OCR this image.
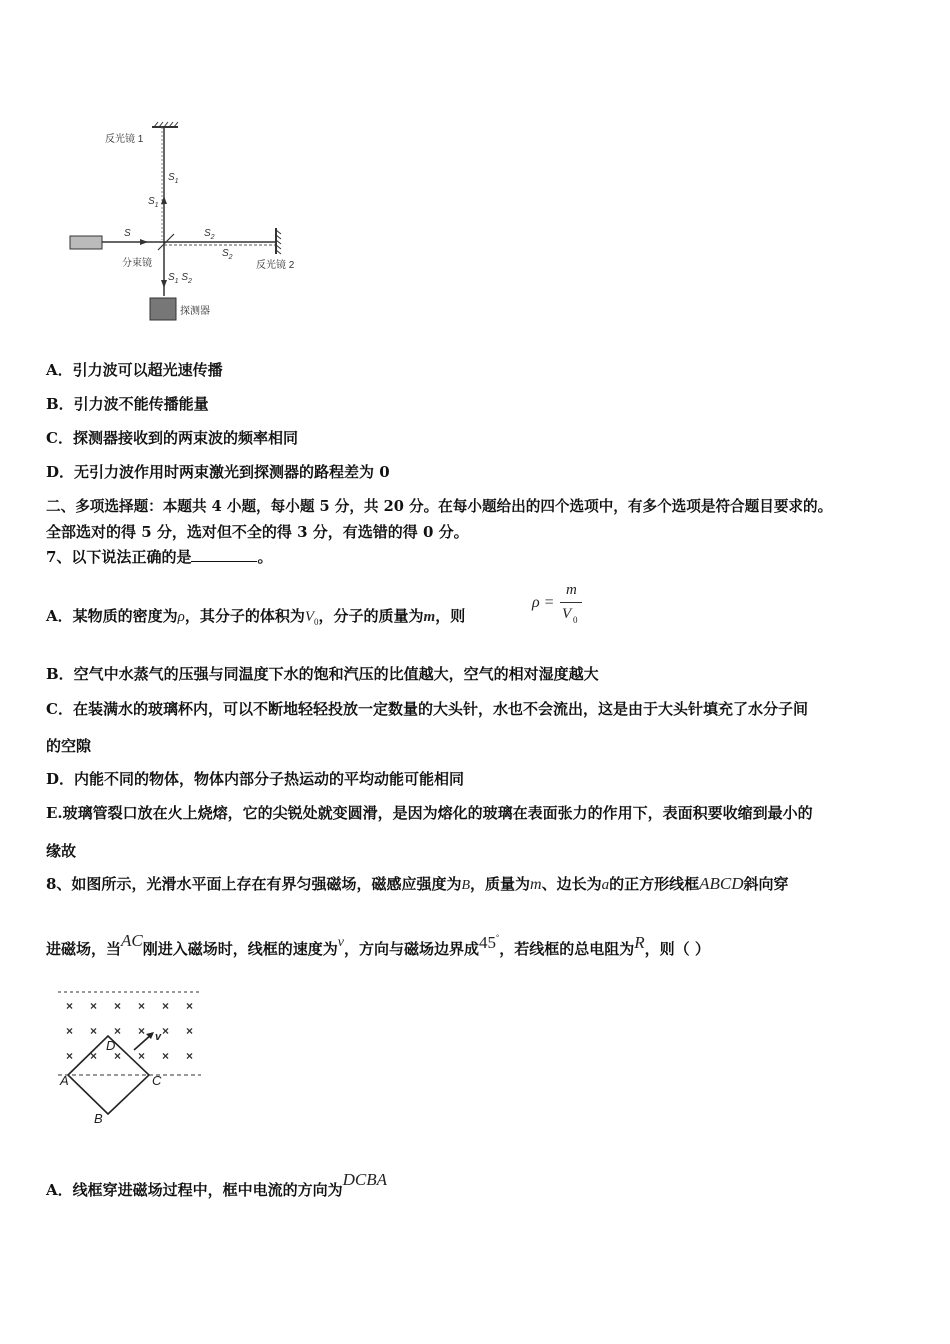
反光镜 1
$S_1$
$S_1$
S
分束镜
$S_2$
$S_2$
反光镜 2
$S_1$ $S_2$
探测器
A．引力波可以超光速传播
B．引力波不能传播能量
C．探测器接收到的两束波的频率相同
D．无引力波作用时两束激光到探测器的路程差为 0
二、多项选择题：本题共 4 小题，每小题 5 分，共 20 分。在每小题给出的四个选项中，有多个选项是符合题目要求的。
全部选对的得 5 分，选对但不全的得 3 分，有选错的得 0 分。
7、以下说法正确的是	。
A．某物质的密度为ρ，其分子的体积为$V_0$，分子的质量为m，则
ρ =
m
V 0
B．空气中水蒸气的压强与同温度下水的饱和汽压的比值越大，空气的相对湿度越大
C．在装满水的玻璃杯内，可以不断地轻轻投放一定数量的大头针，水也不会流出，这是由于大头针填充了水分子间
的空隙
D．内能不同的物体，物体内部分子热运动的平均动能可能相同
E.玻璃管裂口放在火上烧熔，它的尖锐处就变圆滑，是因为熔化的玻璃在表面张力的作用下，表面积要收缩到最小的
缘故
8、如图所示，光滑水平面上存在有界匀强磁场，磁感应强度为B，质量为m、边长为a的正方形线框ABCD斜向穿
进磁场，当AC刚进入磁场时，线框的速度为v，方向与磁场边界成45°，若线框的总电阻为R，则（ ）
× × × × × ×
× × × × × ×
× × × × × ×
A
B
C
D
v
A．线框穿进磁场过程中，框中电流的方向为DCBA
